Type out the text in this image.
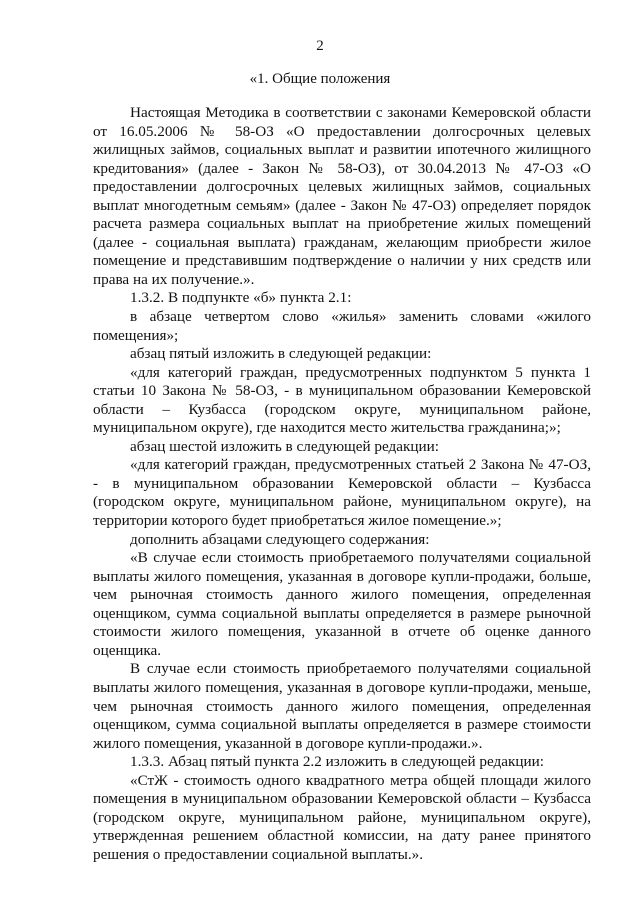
2
«1. Общие положения

Настоящая Методика в соответствии с законами Кемеровской области от 16.05.2006 № 58-ОЗ «О предоставлении долгосрочных целевых жилищных займов, социальных выплат и развитии ипотечного жилищного кредитования» (далее - Закон № 58-ОЗ), от 30.04.2013 № 47-ОЗ «О предоставлении долгосрочных целевых жилищных займов, социальных выплат многодетным семьям» (далее - Закон № 47-ОЗ) определяет порядок расчета размера социальных выплат на приобретение жилых помещений (далее - социальная выплата) гражданам, желающим приобрести жилое помещение и представившим подтверждение о наличии у них средств или права на их получение.».

1.3.2. В подпункте «б» пункта 2.1:

в абзаце четвертом слово «жилья» заменить словами «жилого помещения»;

абзац пятый изложить в следующей редакции:

«для категорий граждан, предусмотренных подпунктом 5 пункта 1 статьи 10 Закона № 58-ОЗ, - в муниципальном образовании Кемеровской области – Кузбасса (городском округе, муниципальном районе, муниципальном округе), где находится место жительства гражданина;»;

абзац шестой изложить в следующей редакции:

«для категорий граждан, предусмотренных статьей 2 Закона № 47-ОЗ, - в муниципальном образовании Кемеровской области – Кузбасса (городском округе, муниципальном районе, муниципальном округе), на территории которого будет приобретаться жилое помещение.»;

дополнить абзацами следующего содержания:

«В случае если стоимость приобретаемого получателями социальной выплаты жилого помещения, указанная в договоре купли-продажи, больше, чем рыночная стоимость данного жилого помещения, определенная оценщиком, сумма социальной выплаты определяется в размере рыночной стоимости жилого помещения, указанной в отчете об оценке данного оценщика.

В случае если стоимость приобретаемого получателями социальной выплаты жилого помещения, указанная в договоре купли-продажи, меньше, чем рыночная стоимость данного жилого помещения, определенная оценщиком, сумма социальной выплаты определяется в размере стоимости жилого помещения, указанной в договоре купли-продажи.».

1.3.3. Абзац пятый пункта 2.2 изложить в следующей редакции:

«СтЖ - стоимость одного квадратного метра общей площади жилого помещения в муниципальном образовании Кемеровской области – Кузбасса (городском округе, муниципальном районе, муниципальном округе), утвержденная решением областной комиссии, на дату ранее принятого решения о предоставлении социальной выплаты.».
